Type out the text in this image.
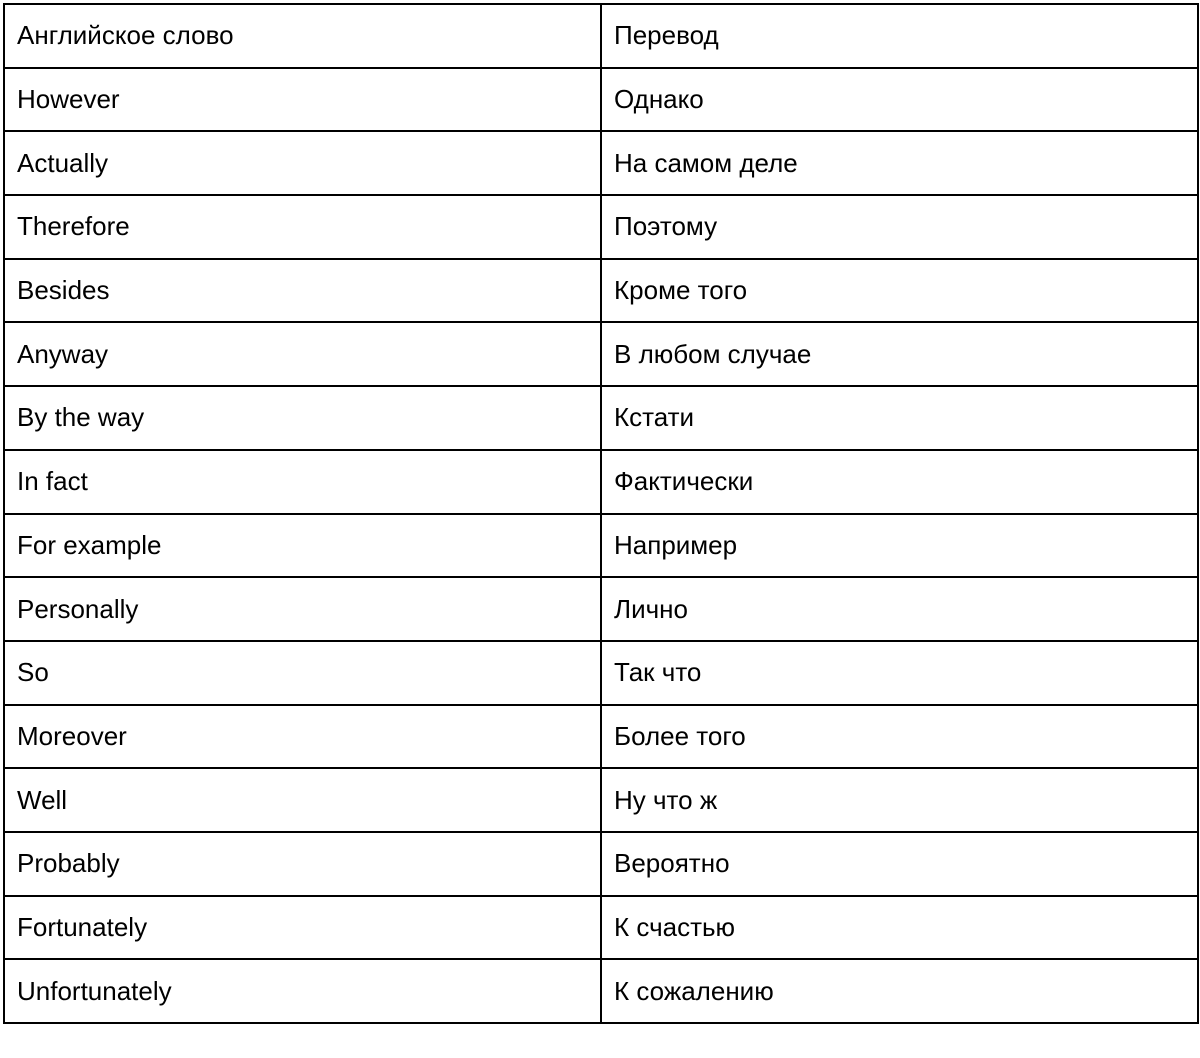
Английское слово	Перевод
However	Однако
Actually	На самом деле
Therefore	Поэтому
Besides	Кроме того
Anyway	В любом случае
By the way	Кстати
In fact	Фактически
For example	Например
Personally	Лично
So	Так что
Moreover	Более того
Well	Ну что ж
Probably	Вероятно
Fortunately	К счастью
Unfortunately	К сожалению
